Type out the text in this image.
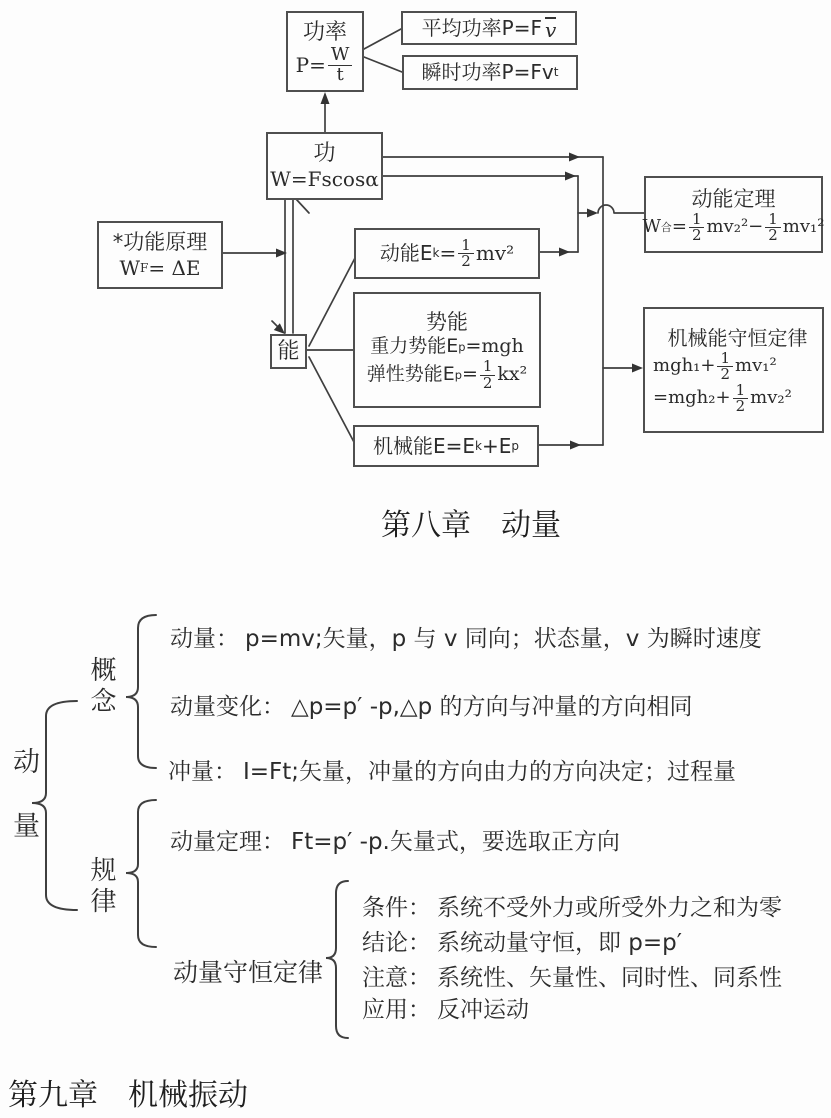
功率
$P= \frac{W}{t}$
平均功率P=F v
瞬时功率P=Fv t
功
W=Fscosα
*功能原理
W F = ΔE
能
动能E $k = \frac{1}{2} mv^2$
势能
重力势能E p =mgh
弹性势能E $p = \frac{1}{2} kx^2$
机械能E=E k +E p
动能定理
W 合 = $\frac{1}{2} mv_2^2- \frac{1}{2} mv_1^2$
机械能守恒定律
$mgh_1+ \frac{1}{2} mv_1^2$
$=mgh_2+ \frac{1}{2} mv_2^2$
第八章　动量
动量
概念
规律
动量： p=mv;矢量，p 与 v 同向；状态量，v 为瞬时速度
动量变化： △p=p′ -p,△p 的方向与冲量的方向相同
冲量： I=Ft;矢量，冲量的方向由力的方向决定；过程量
动量定理： Ft=p′ -p.矢量式，要选取正方向
动量守恒定律
条件： 系统不受外力或所受外力之和为零
结论： 系统动量守恒，即 p=p′
注意： 系统性、矢量性、同时性、同系性
应用： 反冲运动
第九章　机械振动
